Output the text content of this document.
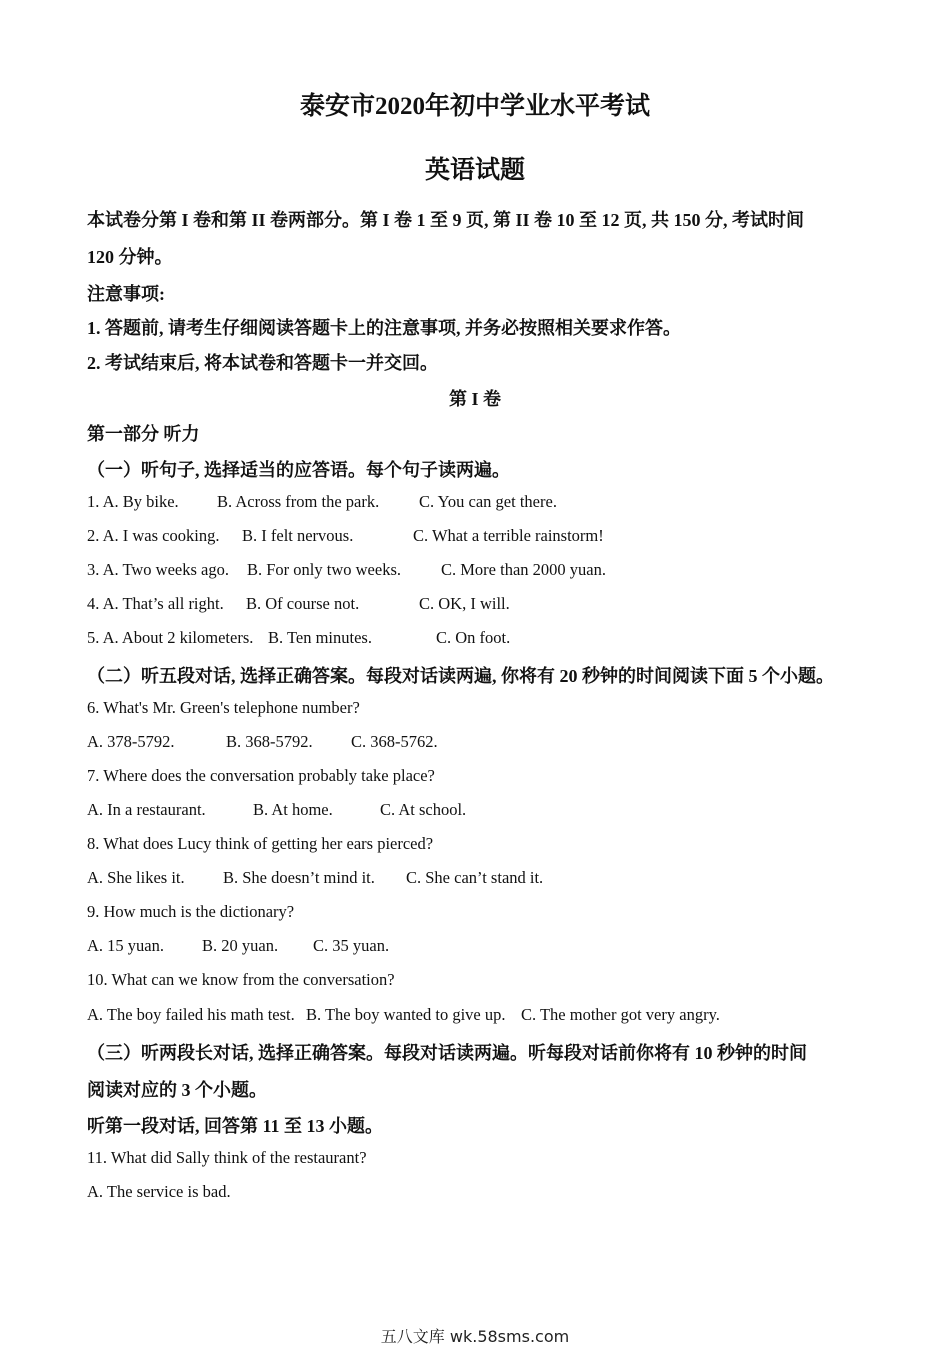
泰安市2020年初中学业水平考试
英语试题
本试卷分第 I 卷和第 II 卷两部分。第 I 卷 1 至 9 页, 第 II 卷 10 至 12 页, 共 150 分, 考试时间
120 分钟。
注意事项:
1. 答题前, 请考生仔细阅读答题卡上的注意事项, 并务必按照相关要求作答。
2. 考试结束后, 将本试卷和答题卡一并交回。
第 I 卷
第一部分 听力
（一）听句子, 选择适当的应答语。每个句子读两遍。
1. A. By bike. B. Across from the park. C. You can get there.
2. A. I was cooking. B. I felt nervous.	C. What a terrible rainstorm!
3. A. Two weeks ago. B. For only two weeks. C. More than 2000 yuan.
4. A. That’s all right. B. Of course not.	C. OK, I will.
5. A. About 2 kilometers. B. Ten minutes.	C. On foot.
（二）听五段对话, 选择正确答案。每段对话读两遍, 你将有 20 秒钟的时间阅读下面 5 个小题。
6. What's Mr. Green's telephone number?
A. 378-5792.	B. 368-5792. C. 368-5762.
7. Where does the conversation probably take place?
A. In a restaurant.	B. At home.	C. At school.
8. What does Lucy think of getting her ears pierced?
A. She likes it. B. She doesn’t mind it. C. She can’t stand it.
9. How much is the dictionary?
A. 15 yuan. B. 20 yuan. C. 35 yuan.
10. What can we know from the conversation?
A. The boy failed his math test. B. The boy wanted to give up. C. The mother got very angry.
（三）听两段长对话, 选择正确答案。每段对话读两遍。听每段对话前你将有 10 秒钟的时间
阅读对应的 3 个小题。
听第一段对话, 回答第 11 至 13 小题。
11. What did Sally think of the restaurant?
A. The service is bad.
五八文库 wk.58sms.com
